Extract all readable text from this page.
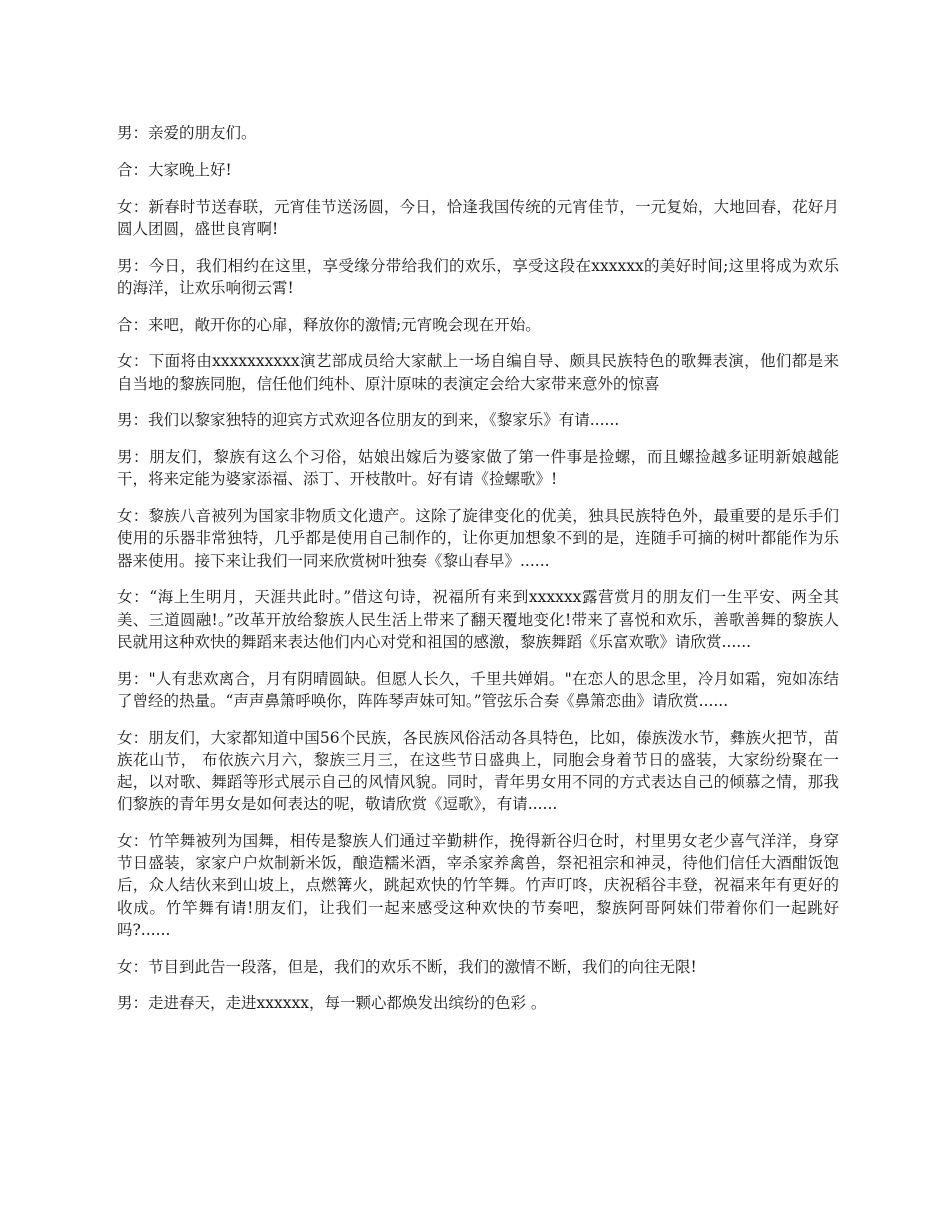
男：亲爱的朋友们。

合：大家晚上好!

女：新春时节送春联，元宵佳节送汤圆，今日，恰逢我国传统的元宵佳节，一元复始，大地回春，花好月圆人团圆，盛世良宵啊!

男：今日，我们相约在这里，享受缘分带给我们的欢乐，享受这段在xxxxxx的美好时间;这里将成为欢乐的海洋，让欢乐响彻云霄!

合：来吧，敞开你的心扉，释放你的激情;元宵晚会现在开始。

女：下面将由xxxxxxxxxx演艺部成员给大家献上一场自编自导、颇具民族特色的歌舞表演，他们都是来自当地的黎族同胞，信任他们纯朴、原汁原味的表演定会给大家带来意外的惊喜

男：我们以黎家独特的迎宾方式欢迎各位朋友的到来，《黎家乐》有请......

男：朋友们，黎族有这么个习俗，姑娘出嫁后为婆家做了第一件事是捡螺，而且螺捡越多证明新娘越能干，将来定能为婆家添福、添丁、开枝散叶。好有请《捡螺歌》!

女：黎族八音被列为国家非物质文化遗产。这除了旋律变化的优美，独具民族特色外，最重要的是乐手们使用的乐器非常独特，几乎都是使用自己制作的，让你更加想象不到的是，连随手可摘的树叶都能作为乐器来使用。接下来让我们一同来欣赏树叶独奏《黎山春早》......

女：“海上生明月，天涯共此时。”借这句诗，祝福所有来到xxxxxx露营赏月的朋友们一生平安、两全其美、三道圆融!。”改革开放给黎族人民生活上带来了翻天覆地变化!带来了喜悦和欢乐，善歌善舞的黎族人民就用这种欢快的舞蹈来表达他们内心对党和祖国的感激，黎族舞蹈《乐富欢歌》请欣赏......

男："人有悲欢离合，月有阴晴圆缺。但愿人长久，千里共婵娟。"在恋人的思念里，冷月如霜，宛如冻结了曾经的热量。“声声鼻箫呼唤你，阵阵琴声妹可知。”管弦乐合奏《鼻箫恋曲》请欣赏......

女：朋友们，大家都知道中国56个民族，各民族风俗活动各具特色，比如，傣族泼水节，彝族火把节，苗族花山节， 布依族六月六，黎族三月三，在这些节日盛典上，同胞会身着节日的盛装，大家纷纷聚在一起，以对歌、舞蹈等形式展示自己的风情风貌。同时，青年男女用不同的方式表达自己的倾慕之情，那我们黎族的青年男女是如何表达的呢，敬请欣赏《逗歌》，有请......

女：竹竿舞被列为国舞，相传是黎族人们通过辛勤耕作，挽得新谷归仓时，村里男女老少喜气洋洋，身穿节日盛装，家家户户炊制新米饭，酿造糯米酒，宰杀家养禽兽，祭祀祖宗和神灵，待他们信任大酒酣饭饱后，众人结伙来到山坡上，点燃篝火，跳起欢快的竹竿舞。竹声叮咚，庆祝稻谷丰登，祝福来年有更好的收成。竹竿舞有请!朋友们，让我们一起来感受这种欢快的节奏吧，黎族阿哥阿妹们带着你们一起跳好吗?......

女：节目到此告一段落，但是，我们的欢乐不断，我们的激情不断，我们的向往无限!

男：走进春天，走进xxxxxx，每一颗心都焕发出缤纷的色彩 。
